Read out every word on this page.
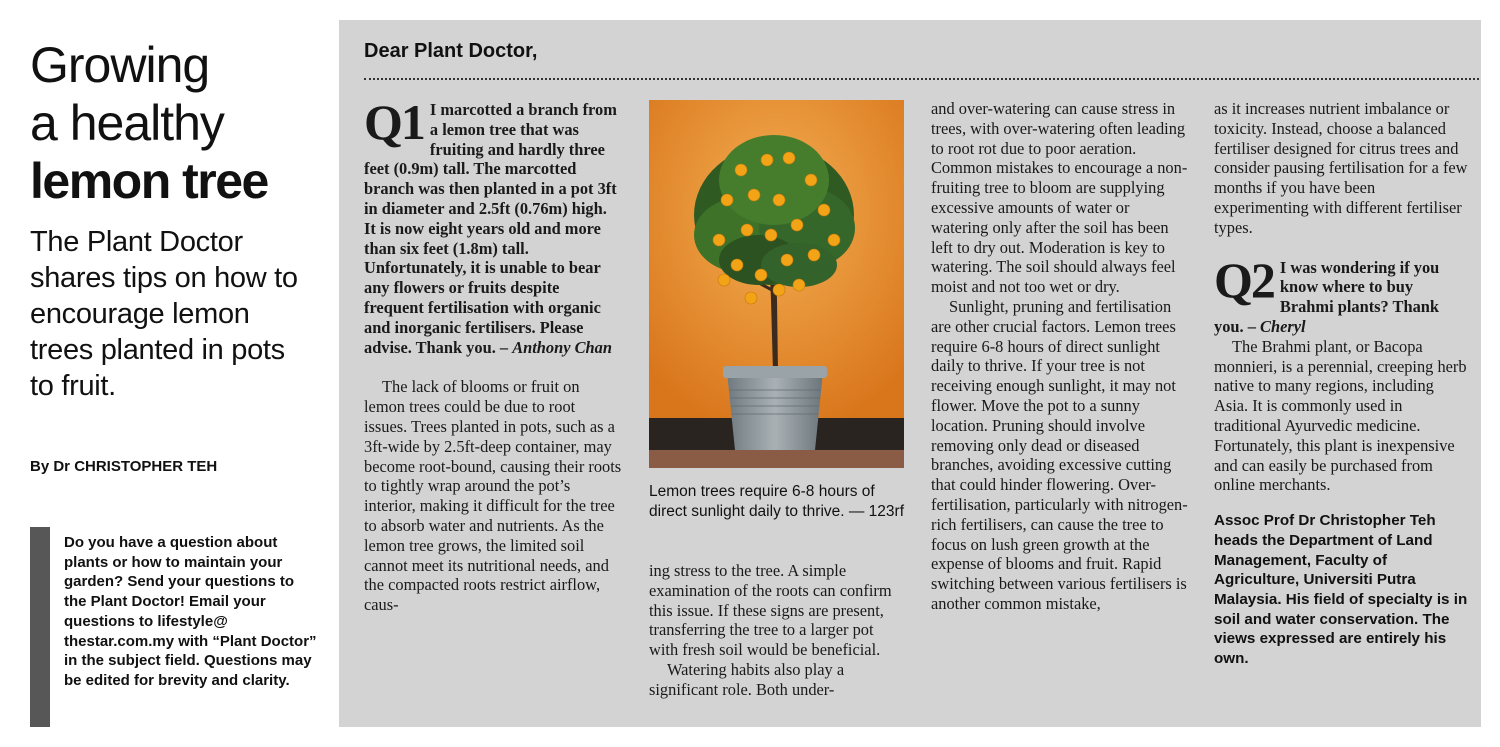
Growing
a healthy
lemon tree
The Plant Doctor shares tips on how to encourage lemon trees planted in pots to fruit.
By Dr CHRISTOPHER TEH
Do you have a question about plants or how to maintain your garden? Send your questions to the Plant Doctor! Email your questions to lifestyle@ thestar.com.my with “Plant Doctor” in the subject field. Questions may be edited for brevity and clarity.
Dear Plant Doctor,

Q1 I marcotted a branch from a lemon tree that was fruiting and hardly three feet (0.9m) tall. The marcotted branch was then planted in a pot 3ft in diameter and 2.5ft (0.76m) high. It is now eight years old and more than six feet (1.8m) tall. Unfortunately, it is unable to bear any flowers or fruits despite frequent fertilisation with organic and inorganic fertilisers. Please advise. Thank you. – Anthony Chan

The lack of blooms or fruit on lemon trees could be due to root issues. Trees planted in pots, such as a 3ft-wide by 2.5ft-deep container, may become root-bound, causing their roots to tightly wrap around the pot’s interior, making it difficult for the tree to absorb water and nutrients. As the lemon tree grows, the limited soil cannot meet its nutritional needs, and the compacted roots restrict airflow, caus-

Lemon trees require 6-8 hours of direct sunlight daily to thrive. — 123rf

ing stress to the tree. A simple examination of the roots can confirm this issue. If these signs are present, transferring the tree to a larger pot with fresh soil would be beneficial.

Watering habits also play a significant role. Both under-

and over-watering can cause stress in trees, with over-watering often leading to root rot due to poor aeration. Common mistakes to encourage a non-fruiting tree to bloom are supplying excessive amounts of water or watering only after the soil has been left to dry out. Moderation is key to watering. The soil should always feel moist and not too wet or dry.

Sunlight, pruning and fertilisation are other crucial factors. Lemon trees require 6-8 hours of direct sunlight daily to thrive. If your tree is not receiving enough sunlight, it may not flower. Move the pot to a sunny location. Pruning should involve removing only dead or diseased branches, avoiding excessive cutting that could hinder flowering. Over-fertilisation, particularly with nitrogen-rich fertilisers, can cause the tree to focus on lush green growth at the expense of blooms and fruit. Rapid switching between various fertilisers is another common mistake,

as it increases nutrient imbalance or toxicity. Instead, choose a balanced fertiliser designed for citrus trees and consider pausing fertilisation for a few months if you have been experimenting with different fertiliser types.

Q2 I was wondering if you know where to buy Brahmi plants? Thank you. – Cheryl

The Brahmi plant, or Bacopa monnieri, is a perennial, creeping herb native to many regions, including Asia. It is commonly used in traditional Ayurvedic medicine. Fortunately, this plant is inexpensive and can easily be purchased from online merchants.

Assoc Prof Dr Christopher Teh heads the Department of Land Management, Faculty of Agriculture, Universiti Putra Malaysia. His field of specialty is in soil and water conservation. The views expressed are entirely his own.
